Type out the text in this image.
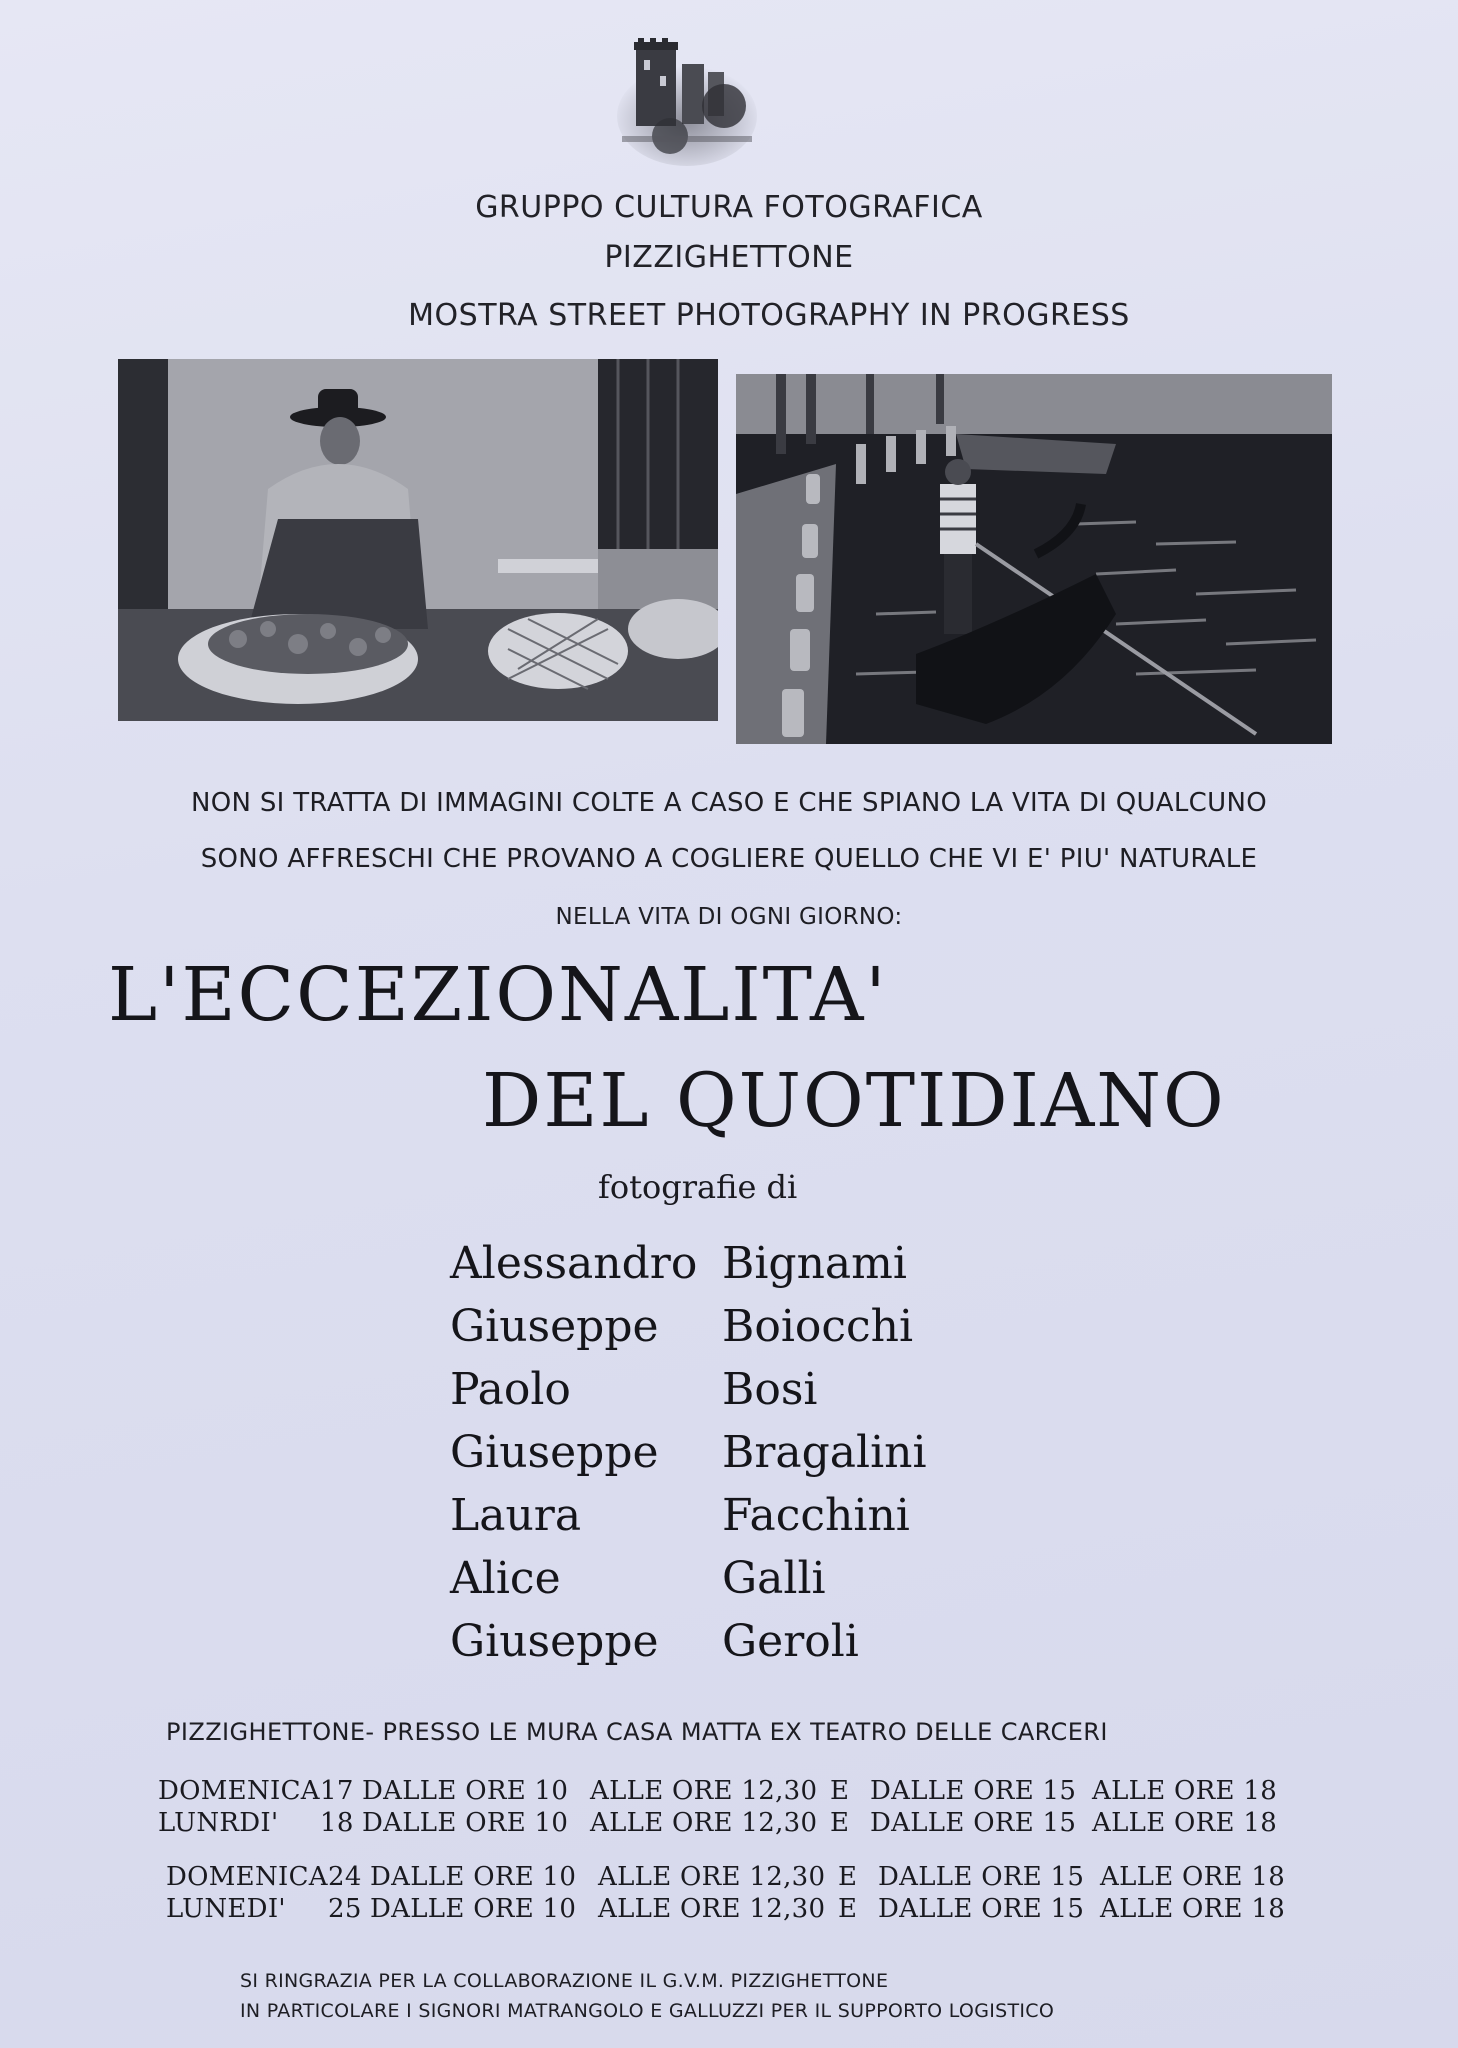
GRUPPO CULTURA FOTOGRAFICA
PIZZIGHETTONE
MOSTRA STREET PHOTOGRAPHY IN PROGRESS
NON SI TRATTA DI IMMAGINI COLTE A CASO E CHE SPIANO LA VITA DI QUALCUNO
SONO AFFRESCHI CHE PROVANO A COGLIERE QUELLO CHE VI E' PIU' NATURALE
NELLA VITA DI OGNI GIORNO:
L'ECCEZIONALITA'
DEL QUOTIDIANO
fotografie di
Alessandro Bignami
Giuseppe	Boiocchi
Paolo	Bosi
Giuseppe	Bragalini
Laura	Facchini
Alice	Galli
Giuseppe	Geroli
PIZZIGHETTONE- PRESSO LE MURA CASA MATTA EX TEATRO DELLE CARCERI
DOMENICA 17 DALLE ORE 10 ALLE ORE 12,30 E DALLE ORE 15 ALLE ORE 18
LUNRDI'	18 DALLE ORE 10 ALLE ORE 12,30 E DALLE ORE 15 ALLE ORE 18
DOMENICA 24 DALLE ORE 10 ALLE ORE 12,30 E DALLE ORE 15 ALLE ORE 18
LUNEDI'	25 DALLE ORE 10 ALLE ORE 12,30 E DALLE ORE 15 ALLE ORE 18
SI RINGRAZIA PER LA COLLABORAZIONE IL G.V.M. PIZZIGHETTONE
IN PARTICOLARE I SIGNORI MATRANGOLO E GALLUZZI PER IL SUPPORTO LOGISTICO
